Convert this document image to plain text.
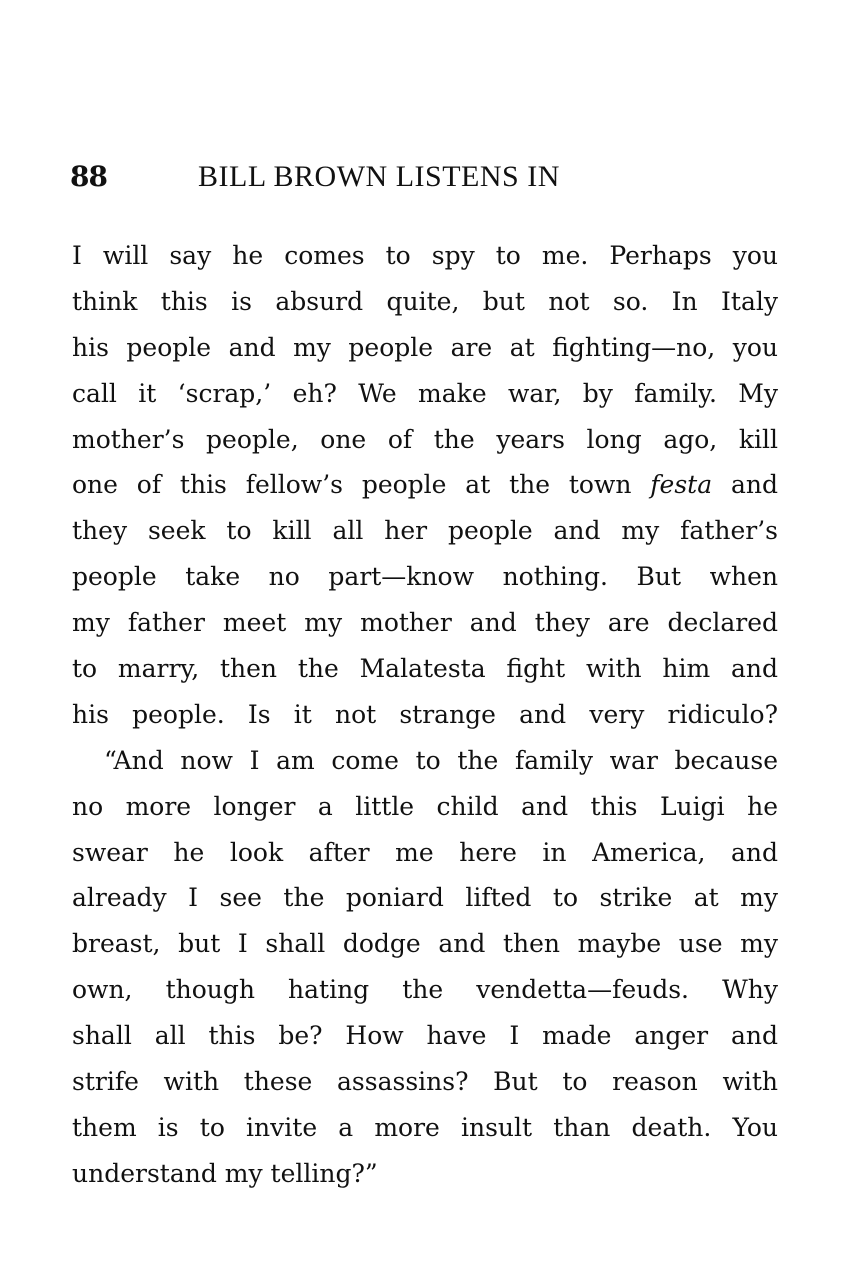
88	BILL BROWN LISTENS IN
I will say he comes to spy to me. Perhaps you
think this is absurd quite, but not so. In Italy
his people and my people are at fighting—no, you
call it ‘scrap,’ eh? We make war, by family. My
mother’s people, one of the years long ago, kill
one of this fellow’s people at the town festa and
they seek to kill all her people and my father’s
people take no part—know nothing. But when
my father meet my mother and they are declared
to marry, then the Malatesta fight with him and
his people. Is it not strange and very ridiculo?
“And now I am come to the family war because
no more longer a little child and this Luigi he
swear he look after me here in America, and
already I see the poniard lifted to strike at my
breast, but I shall dodge and then maybe use my
own, though hating the vendetta—feuds. Why
shall all this be? How have I made anger and
strife with these assassins? But to reason with
them is to invite a more insult than death. You
understand my telling?”
